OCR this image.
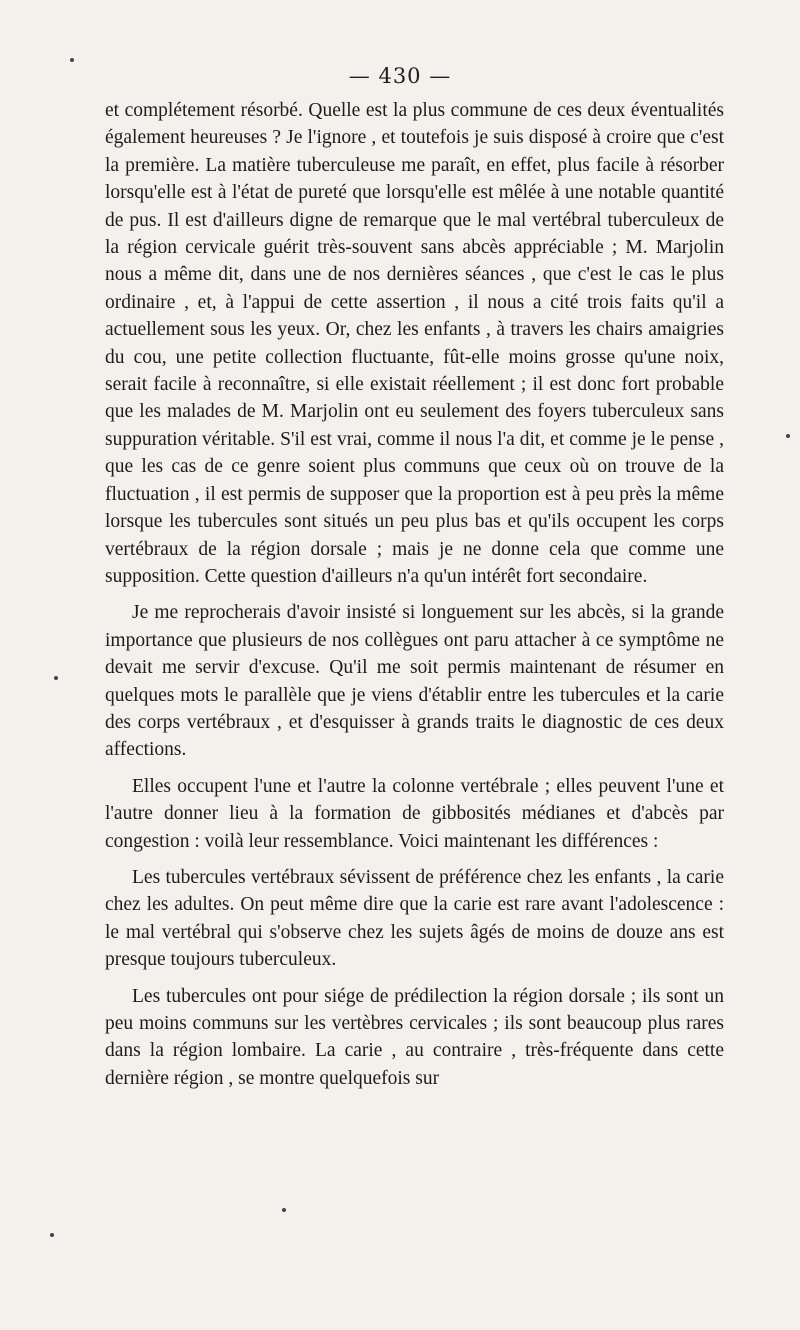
— 430 —

et complétement résorbé. Quelle est la plus commune de ces deux éventualités également heureuses ? Je l'ignore , et toutefois je suis disposé à croire que c'est la première. La matière tuberculeuse me paraît, en effet, plus facile à résorber lorsqu'elle est à l'état de pureté que lorsqu'elle est mêlée à une notable quantité de pus. Il est d'ailleurs digne de remarque que le mal vertébral tuberculeux de la région cervicale guérit très-souvent sans abcès appréciable ; M. Marjolin nous a même dit, dans une de nos dernières séances , que c'est le cas le plus ordinaire , et, à l'appui de cette assertion , il nous a cité trois faits qu'il a actuellement sous les yeux. Or, chez les enfants , à travers les chairs amaigries du cou, une petite collection fluctuante, fût-elle moins grosse qu'une noix, serait facile à reconnaître, si elle existait réellement ; il est donc fort probable que les malades de M. Marjolin ont eu seulement des foyers tuberculeux sans suppuration véritable. S'il est vrai, comme il nous l'a dit, et comme je le pense , que les cas de ce genre soient plus communs que ceux où on trouve de la fluctuation , il est permis de supposer que la proportion est à peu près la même lorsque les tubercules sont situés un peu plus bas et qu'ils occupent les corps vertébraux de la région dorsale ; mais je ne donne cela que comme une supposition. Cette question d'ailleurs n'a qu'un intérêt fort secondaire.

Je me reprocherais d'avoir insisté si longuement sur les abcès, si la grande importance que plusieurs de nos collègues ont paru attacher à ce symptôme ne devait me servir d'excuse. Qu'il me soit permis maintenant de résumer en quelques mots le parallèle que je viens d'établir entre les tubercules et la carie des corps vertébraux , et d'esquisser à grands traits le diagnostic de ces deux affections.

Elles occupent l'une et l'autre la colonne vertébrale ; elles peuvent l'une et l'autre donner lieu à la formation de gibbosités médianes et d'abcès par congestion : voilà leur ressemblance. Voici maintenant les différences :

Les tubercules vertébraux sévissent de préférence chez les enfants , la carie chez les adultes. On peut même dire que la carie est rare avant l'adolescence : le mal vertébral qui s'observe chez les sujets âgés de moins de douze ans est presque toujours tuberculeux.

Les tubercules ont pour siége de prédilection la région dorsale ; ils sont un peu moins communs sur les vertèbres cervicales ; ils sont beaucoup plus rares dans la région lombaire. La carie , au contraire , très-fréquente dans cette dernière région , se montre quelquefois sur
